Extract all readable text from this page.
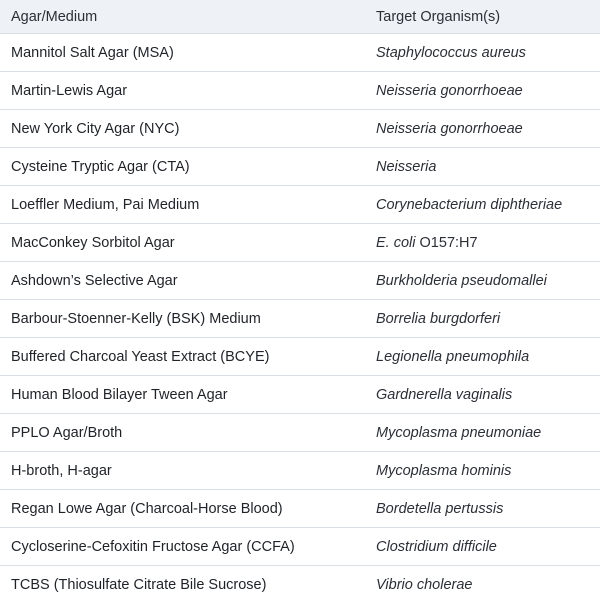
Agar/Medium	Target Organism(s)
Mannitol Salt Agar (MSA)	Staphylococcus aureus
Martin-Lewis Agar	Neisseria gonorrhoeae
New York City Agar (NYC)	Neisseria gonorrhoeae
Cysteine Tryptic Agar (CTA)	Neisseria
Loeffler Medium, Pai Medium	Corynebacterium diphtheriae
MacConkey Sorbitol Agar	E. coli O157:H7
Ashdown’s Selective Agar	Burkholderia pseudomallei
Barbour-Stoenner-Kelly (BSK) Medium	Borrelia burgdorferi
Buffered Charcoal Yeast Extract (BCYE)	Legionella pneumophila
Human Blood Bilayer Tween Agar	Gardnerella vaginalis
PPLO Agar/Broth	Mycoplasma pneumoniae
H-broth, H-agar	Mycoplasma hominis
Regan Lowe Agar (Charcoal-Horse Blood)	Bordetella pertussis
Cycloserine-Cefoxitin Fructose Agar (CCFA)	Clostridium difficile
TCBS (Thiosulfate Citrate Bile Sucrose)	Vibrio cholerae
